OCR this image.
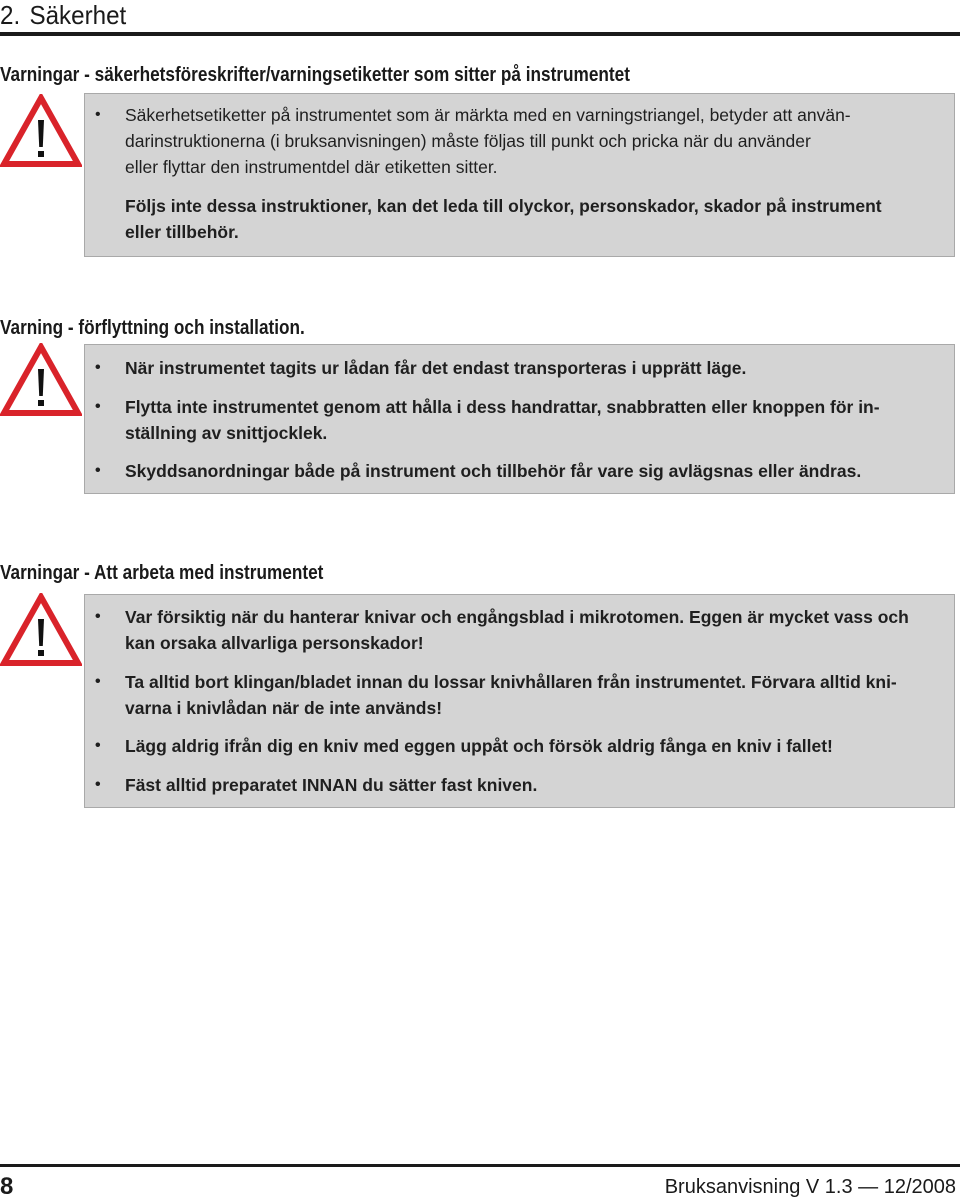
2. Säkerhet
Varningar - säkerhetsföreskrifter/varningsetiketter som sitter på instrumentet
• Säkerhetsetiketter på instrumentet som är märkta med en varningstriangel, betyder att använ-
darinstruktionerna (i bruksanvisningen) måste följas till punkt och pricka när du använder
eller flyttar den instrumentdel där etiketten sitter.
Följs inte dessa instruktioner, kan det leda till olyckor, personskador, skador på instrument
eller tillbehör.
Varning - förflyttning och installation.
• När instrumentet tagits ur lådan får det endast transporteras i upprätt läge.
• Flytta inte instrumentet genom att hålla i dess handrattar, snabbratten eller knoppen för in-
ställning av snittjocklek.
• Skyddsanordningar både på instrument och tillbehör får vare sig avlägsnas eller ändras.
Varningar - Att arbeta med instrumentet
• Var försiktig när du hanterar knivar och engångsblad i mikrotomen. Eggen är mycket vass och
kan orsaka allvarliga personskador!
• Ta alltid bort klingan/bladet innan du lossar knivhållaren från instrumentet. Förvara alltid kni-
varna i knivlådan när de inte används!
• Lägg aldrig ifrån dig en kniv med eggen uppåt och försök aldrig fånga en kniv i fallet!
• Fäst alltid preparatet INNAN du sätter fast kniven.
8	Bruksanvisning V 1.3 — 12/2008
